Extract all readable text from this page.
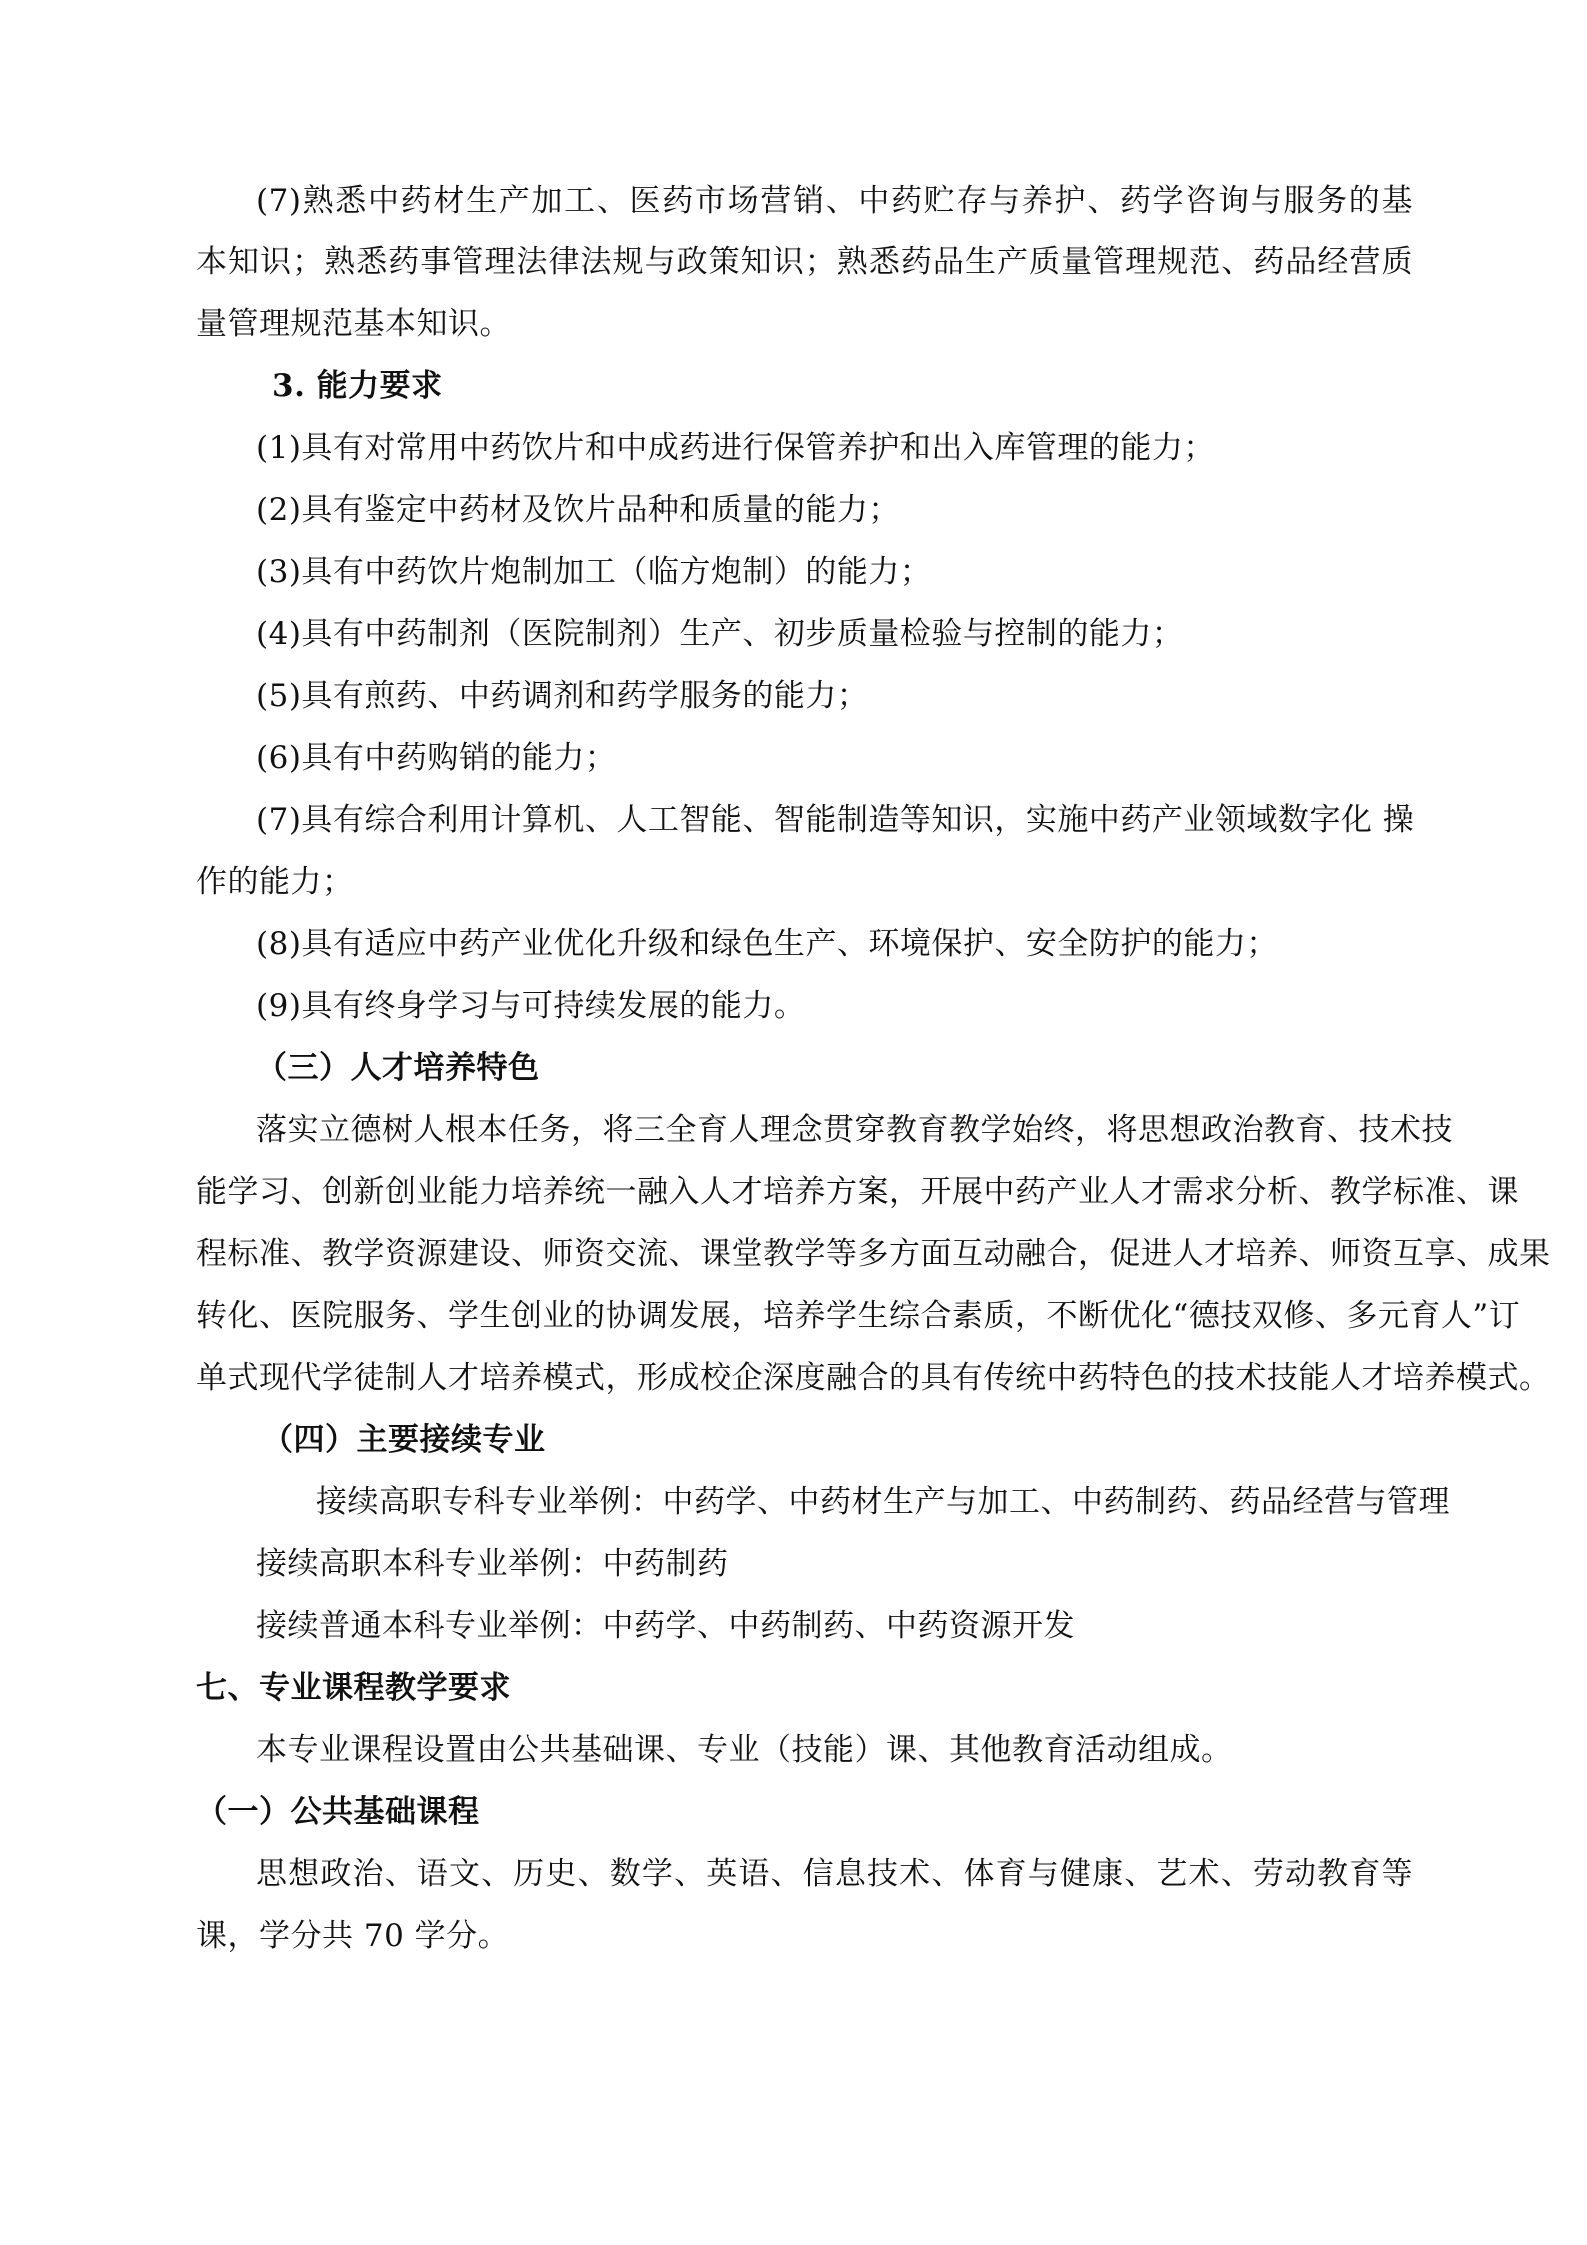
(7)熟悉中药材生产加工、医药市场营销、中药贮存与养护、药学咨询与服务的基
本知识；熟悉药事管理法律法规与政策知识；熟悉药品生产质量管理规范、药品经营质
量管理规范基本知识。
3. 能力要求
(1)具有对常用中药饮片和中成药进行保管养护和出入库管理的能力；
(2)具有鉴定中药材及饮片品种和质量的能力；
(3)具有中药饮片炮制加工（临方炮制）的能力；
(4)具有中药制剂（医院制剂）生产、初步质量检验与控制的能力；
(5)具有煎药、中药调剂和药学服务的能力；
(6)具有中药购销的能力；
(7)具有综合利用计算机、人工智能、智能制造等知识，实施中药产业领域数字化 操
作的能力；
(8)具有适应中药产业优化升级和绿色生产、环境保护、安全防护的能力；
(9)具有终身学习与可持续发展的能力。
（三）人才培养特色
落实立德树人根本任务，将三全育人理念贯穿教育教学始终，将思想政治教育、技术技
能学习、创新创业能力培养统一融入人才培养方案，开展中药产业人才需求分析、教学标准、课
程标准、教学资源建设、师资交流、课堂教学等多方面互动融合，促进人才培养、师资互享、成果
转化、医院服务、学生创业的协调发展，培养学生综合素质，不断优化“德技双修、多元育人”订
单式现代学徒制人才培养模式，形成校企深度融合的具有传统中药特色的技术技能人才培养模式。
（四）主要接续专业
接续高职专科专业举例：中药学、中药材生产与加工、中药制药、药品经营与管理
接续高职本科专业举例：中药制药
接续普通本科专业举例：中药学、中药制药、中药资源开发
七、专业课程教学要求
本专业课程设置由公共基础课、专业（技能）课、其他教育活动组成。
（一）公共基础课程
思想政治、语文、历史、数学、英语、信息技术、体育与健康、艺术、劳动教育等
课，学分共 70 学分。
